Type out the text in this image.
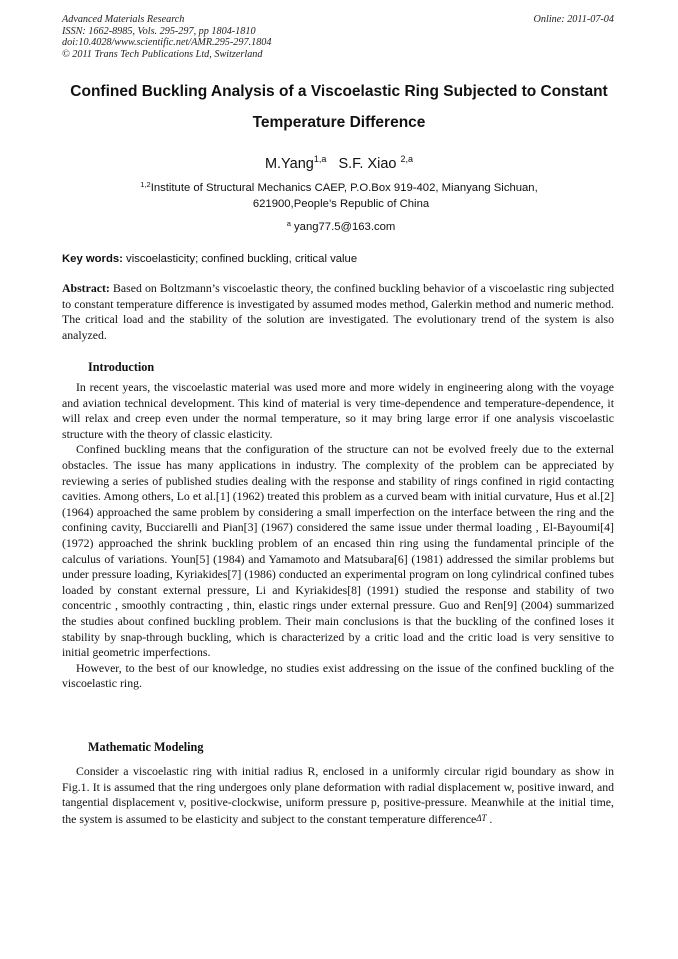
Advanced Materials Research
ISSN: 1662-8985, Vols. 295-297, pp 1804-1810
doi:10.4028/www.scientific.net/AMR.295-297.1804
© 2011 Trans Tech Publications Ltd, Switzerland
Online: 2011-07-04
Confined Buckling Analysis of a Viscoelastic Ring Subjected to Constant
Temperature Difference
M.Yang$^{1,a}$ S.F. Xiao $^{2,a}$
$^{1,2}$Institute of Structural Mechanics CAEP, P.O.Box 919-402, Mianyang Sichuan,
621900,People’s Republic of China
$^a$ yang77.5@163.com
Key words: viscoelasticity; confined buckling, critical value

Abstract: Based on Boltzmann’s viscoelastic theory, the confined buckling behavior of a viscoelastic ring subjected to constant temperature difference is investigated by assumed modes method, Galerkin method and numeric method. The critical load and the stability of the solution are investigated. The evolutionary trend of the system is also analyzed.

Introduction

In recent years, the viscoelastic material was used more and more widely in engineering along with the voyage and aviation technical development. This kind of material is very time-dependence and temperature-dependence, it will relax and creep even under the normal temperature, so it may bring large error if one analysis viscoelastic structure with the theory of classic elasticity.

Confined buckling means that the configuration of the structure can not be evolved freely due to the external obstacles. The issue has many applications in industry. The complexity of the problem can be appreciated by reviewing a series of published studies dealing with the response and stability of rings confined in rigid contacting cavities. Among others, Lo et al.[1] (1962) treated this problem as a curved beam with initial curvature, Hus et al.[2](1964) approached the same problem by considering a small imperfection on the interface between the ring and the confining cavity, Bucciarelli and Pian[3] (1967) considered the same issue under thermal loading , El-Bayoumi[4] (1972) approached the shrink buckling problem of an encased thin ring using the fundamental principle of the calculus of variations. Youn[5] (1984) and Yamamoto and Matsubara[6] (1981) addressed the similar problems but under pressure loading, Kyriakides[7] (1986) conducted an experimental program on long cylindrical confined tubes loaded by constant external pressure, Li and Kyriakides[8] (1991) studied the response and stability of two concentric , smoothly contracting , thin, elastic rings under external pressure. Guo and Ren[9] (2004) summarized the studies about confined buckling problem. Their main conclusions is that the buckling of the confined loses it stability by snap-through buckling, which is characterized by a critic load and the critic load is very sensitive to initial geometric imperfections.

However, to the best of our knowledge, no studies exist addressing on the issue of the confined buckling of the viscoelastic ring.

Mathematic Modeling

Consider a viscoelastic ring with initial radius R, enclosed in a uniformly circular rigid boundary as show in Fig.1. It is assumed that the ring undergoes only plane deformation with radial displacement w, positive inward, and tangential displacement v, positive-clockwise, uniform pressure p, positive-pressure. Meanwhile at the initial time, the system is assumed to be elasticity and subject to the constant temperature differenceΔT .
